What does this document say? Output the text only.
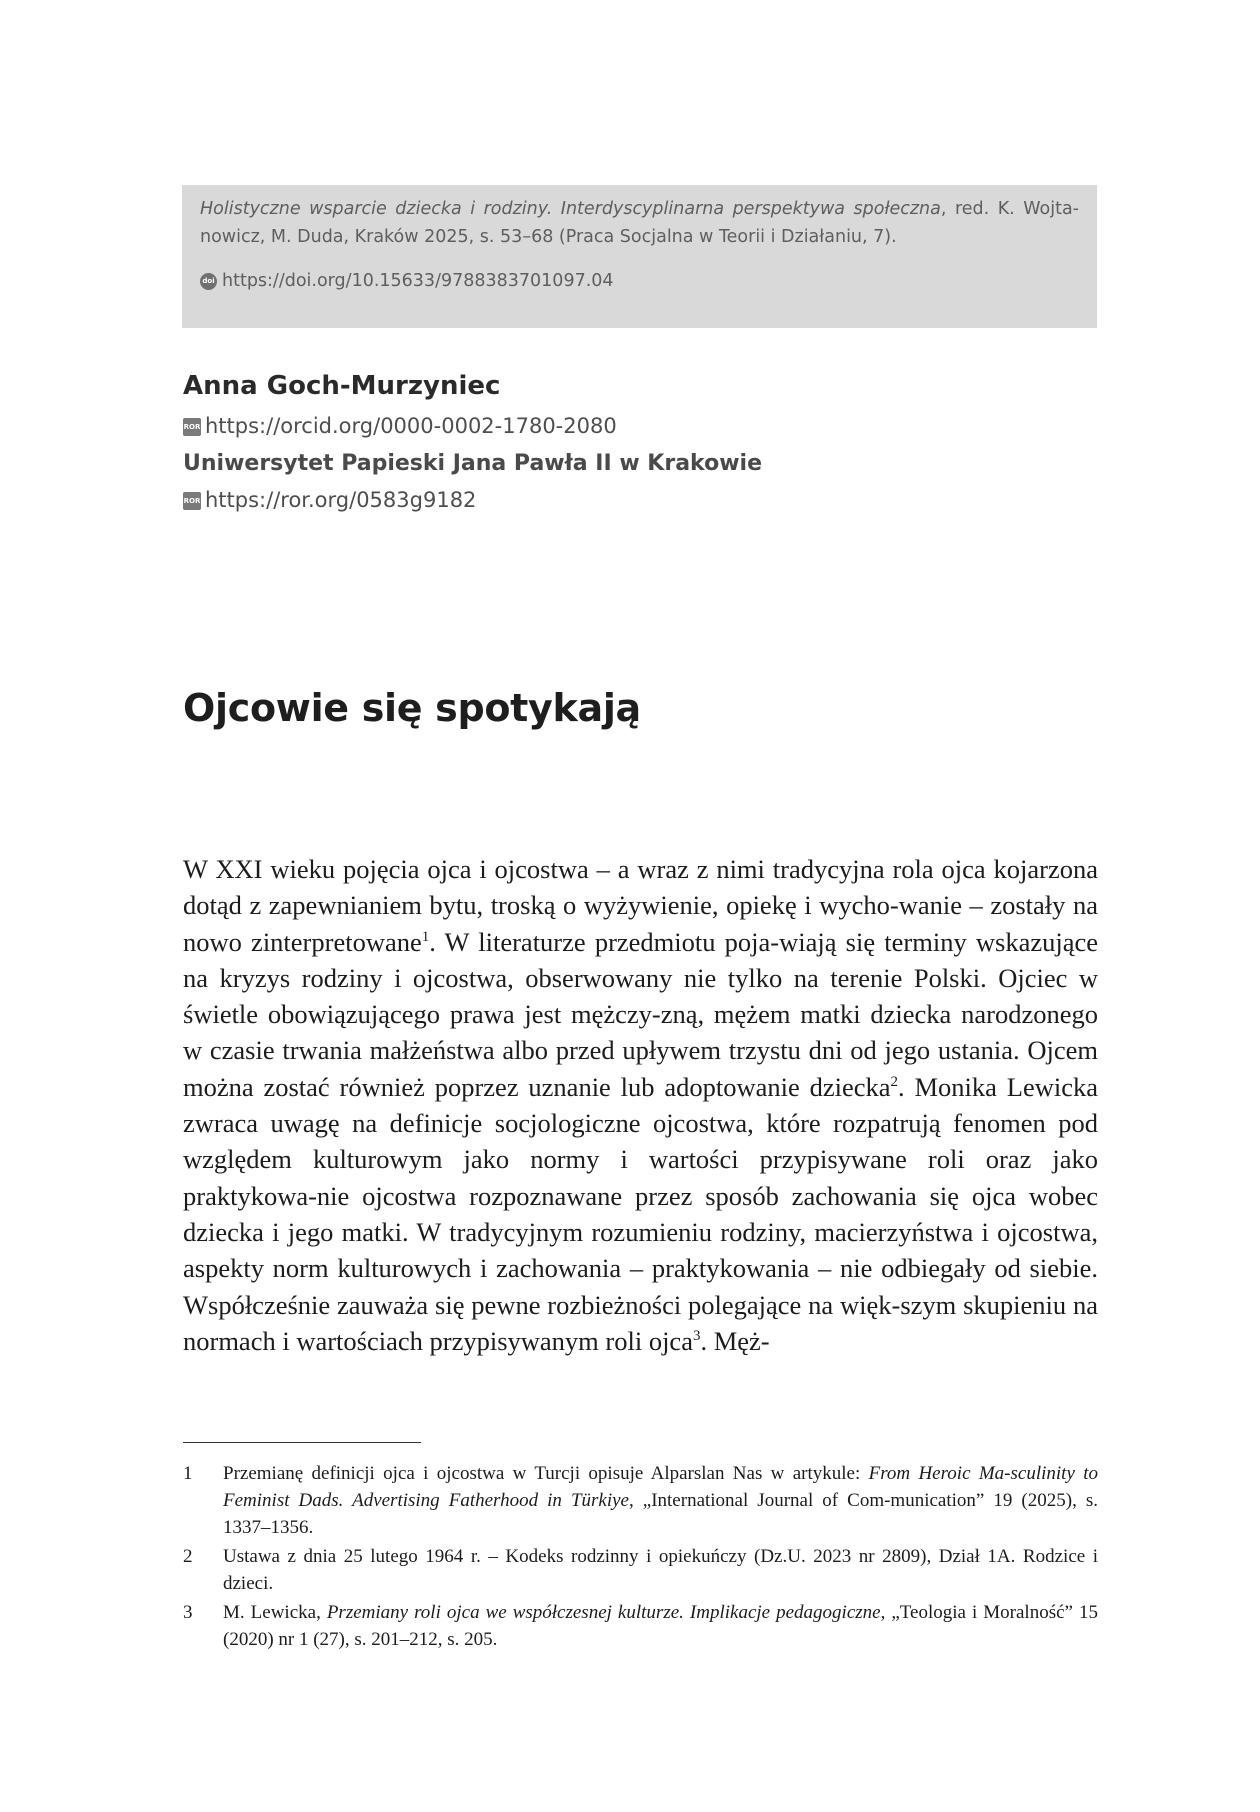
Holistyczne wsparcie dziecka i rodziny. Interdyscyplinarna perspektywa społeczna, red. K. Wojta-nowicz, M. Duda, Kraków 2025, s. 53–68 (Praca Socjalna w Teorii i Działaniu, 7).

doi https://doi.org/10.15633/9788383701097.04
Anna Goch-Murzyniec
ROR https://orcid.org/0000-0002-1780-2080
Uniwersytet Papieski Jana Pawła II w Krakowie
ROR https://ror.org/0583g9182
Ojcowie się spotykają

W XXI wieku pojęcia ojca i ojcostwa – a wraz z nimi tradycyjna rola ojca kojarzona dotąd z zapewnianiem bytu, troską o wyżywienie, opiekę i wycho-wanie – zostały na nowo zinterpretowane$^1$. W literaturze przedmiotu poja-wiają się terminy wskazujące na kryzys rodziny i ojcostwa, obserwowany nie tylko na terenie Polski. Ojciec w świetle obowiązującego prawa jest mężczy-zną, mężem matki dziecka narodzonego w czasie trwania małżeństwa albo przed upływem trzystu dni od jego ustania. Ojcem można zostać również poprzez uznanie lub adoptowanie dziecka$^2$. Monika Lewicka zwraca uwagę na definicje socjologiczne ojcostwa, które rozpatrują fenomen pod względem kulturowym jako normy i wartości przypisywane roli oraz jako praktykowa-nie ojcostwa rozpoznawane przez sposób zachowania się ojca wobec dziecka i jego matki. W tradycyjnym rozumieniu rodziny, macierzyństwa i ojcostwa, aspekty norm kulturowych i zachowania – praktykowania – nie odbiegały od siebie. Współcześnie zauważa się pewne rozbieżności polegające na więk-szym skupieniu na normach i wartościach przypisywanym roli ojca$^3$. Męż-

1	Przemianę definicji ojca i ojcostwa w Turcji opisuje Alparslan Nas w artykule: From Heroic Ma-sculinity to Feminist Dads. Advertising Fatherhood in Türkiye, „International Journal of Com-munication” 19 (2025), s. 1337–1356.
2	Ustawa z dnia 25 lutego 1964 r. – Kodeks rodzinny i opiekuńczy (Dz.U. 2023 nr 2809), Dział 1A. Rodzice i dzieci.
3	M. Lewicka, Przemiany roli ojca we współczesnej kulturze. Implikacje pedagogiczne, „Teologia i Moralność” 15 (2020) nr 1 (27), s. 201–212, s. 205.
